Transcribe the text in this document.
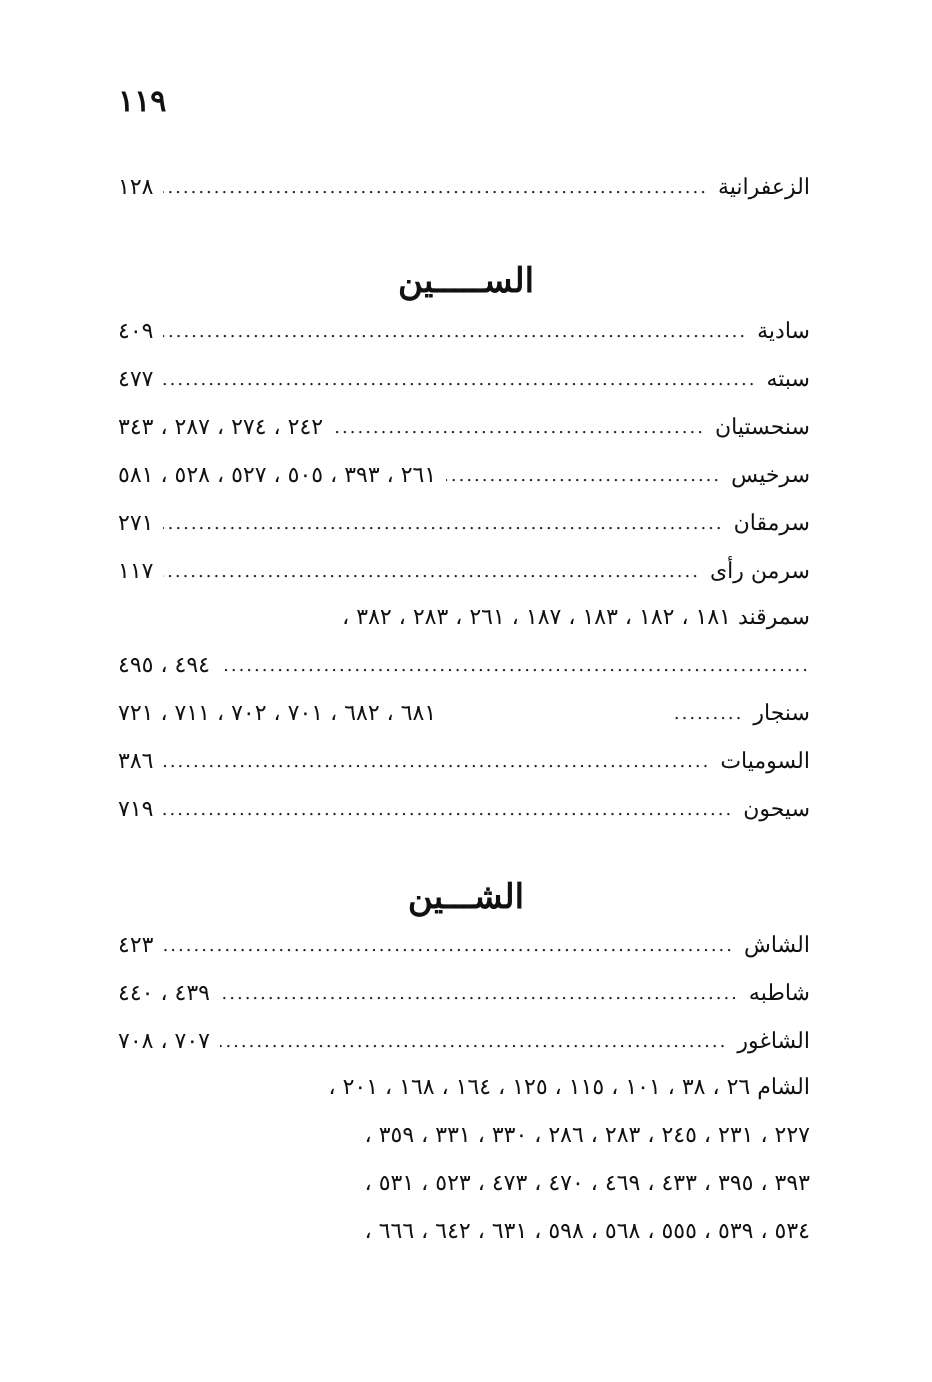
١١٩
الزعفرانية
.....
١٢٨
الســـــين
سادية
.....
٤٠٩
سبته
.....
٤٧٧
سنحستيان
.....
٢٤٢ ، ٢٧٤ ، ٢٨٧ ، ٣٤٣
سرخيس
.....
٢٦١ ، ٣٩٣ ، ٥٠٥ ، ٥٢٧ ، ٥٢٨ ، ٥٨١
سرمقان
.....
٢٧١
سرمن رأى
.....
١١٧
سمرقند ١٨١ ، ١٨٢ ، ١٨٣ ، ١٨٧ ، ٢٦١ ، ٢٨٣ ، ٣٨٢ ،
.....
٤٩٤ ، ٤٩٥
سنجار
.....
٦٨١ ، ٦٨٢ ، ٧٠١ ، ٧٠٢ ، ٧١١ ، ٧٢١
السوميات
.....
٣٨٦
سيحون
.....
٧١٩
الشـــين
الشاش
.....
٤٢٣
شاطبه
.....
٤٣٩ ، ٤٤٠
الشاغور
.....
٧٠٧ ، ٧٠٨
الشام ٢٦ ، ٣٨ ، ١٠١ ، ١١٥ ، ١٢٥ ، ١٦٤ ، ١٦٨ ، ٢٠١ ،
٢٢٧ ، ٢٣١ ، ٢٤٥ ، ٢٨٣ ، ٢٨٦ ، ٣٣٠ ، ٣٣١ ، ٣٥٩ ،
٣٩٣ ، ٣٩٥ ، ٤٣٣ ، ٤٦٩ ، ٤٧٠ ، ٤٧٣ ، ٥٢٣ ، ٥٣١ ،
٥٣٤ ، ٥٣٩ ، ٥٥٥ ، ٥٦٨ ، ٥٩٨ ، ٦٣١ ، ٦٤٢ ، ٦٦٦ ،
